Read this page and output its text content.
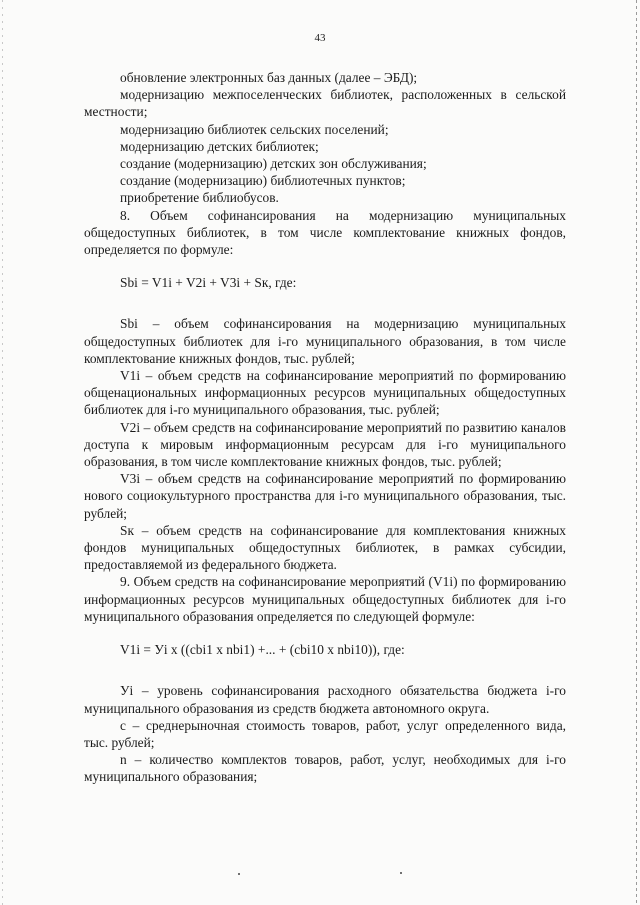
43

обновление электронных баз данных (далее – ЭБД);

модернизацию межпоселенческих библиотек, расположенных в сельской местности;

модернизацию библиотек сельских поселений;

модернизацию детских библиотек;

создание (модернизацию) детских зон обслуживания;

создание (модернизацию) библиотечных пунктов;

приобретение библиобусов.

8. Объем софинансирования на модернизацию муниципальных общедоступных библиотек, в том числе комплектование книжных фондов, определяется по формуле:

Sbi = V1i + V2i + V3i + Sк, где:

Sbi – объем софинансирования на модернизацию муниципальных общедоступных библиотек для i-го муниципального образования, в том числе комплектование книжных фондов, тыс. рублей;

V1i – объем средств на софинансирование мероприятий по формированию общенациональных информационных ресурсов муниципальных общедоступных библиотек для i-го муниципального образования, тыс. рублей;

V2i – объем средств на софинансирование мероприятий по развитию каналов доступа к мировым информационным ресурсам для i-го муниципального образования, в том числе комплектование книжных фондов, тыс. рублей;

V3i – объем средств на софинансирование мероприятий по формированию нового социокультурного пространства для i-го муниципального образования, тыс. рублей;

Sк – объем средств на софинансирование для комплектования книжных фондов муниципальных общедоступных библиотек, в рамках субсидии, предоставляемой из федерального бюджета.

9. Объем средств на софинансирование мероприятий (V1i) по формированию информационных ресурсов муниципальных общедоступных библиотек для i-го муниципального образования определяется по следующей формуле:

V1i = Уi x ((cbi1 x nbi1) +... + (cbi10 x nbi10)), где:

Уi – уровень софинансирования расходного обязательства бюджета i-го муниципального образования из средств бюджета автономного округа.

с – среднерыночная стоимость товаров, работ, услуг определенного вида, тыс. рублей;

n – количество комплектов товаров, работ, услуг, необходимых для i-го муниципального образования;
